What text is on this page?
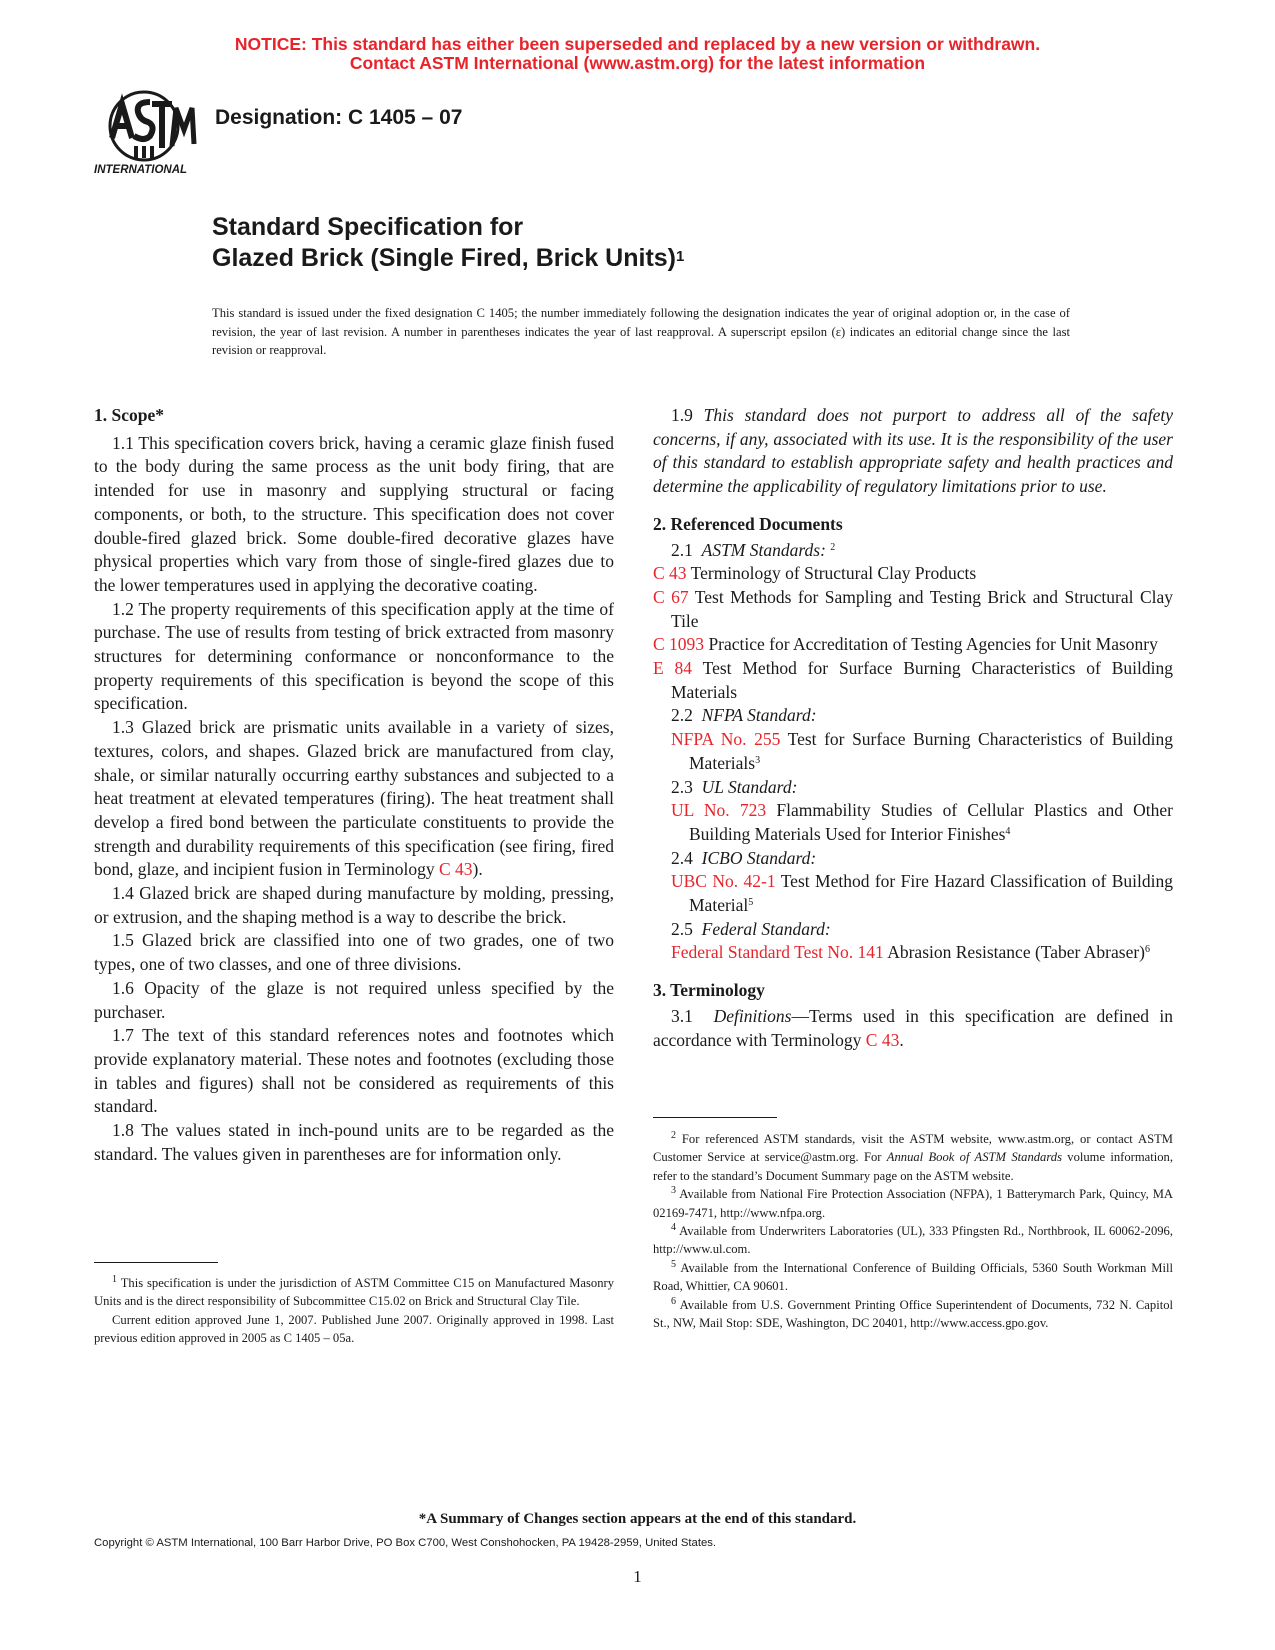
NOTICE: This standard has either been superseded and replaced by a new version or withdrawn.
Contact ASTM International (www.astm.org) for the latest information
INTERNATIONAL
Designation: C 1405 – 07
Standard Specification for
Glazed Brick (Single Fired, Brick Units)$^1$
This standard is issued under the fixed designation C 1405; the number immediately following the designation indicates the year of original adoption or, in the case of revision, the year of last revision. A number in parentheses indicates the year of last reapproval. A superscript epsilon (ε) indicates an editorial change since the last revision or reapproval.

1. Scope*

1.1 This specification covers brick, having a ceramic glaze finish fused to the body during the same process as the unit body firing, that are intended for use in masonry and supplying structural or facing components, or both, to the structure. This specification does not cover double-fired glazed brick. Some double-fired decorative glazes have physical properties which vary from those of single-fired glazes due to the lower temperatures used in applying the decorative coating.

1.2 The property requirements of this specification apply at the time of purchase. The use of results from testing of brick extracted from masonry structures for determining conformance or nonconformance to the property requirements of this specification is beyond the scope of this specification.

1.3 Glazed brick are prismatic units available in a variety of sizes, textures, colors, and shapes. Glazed brick are manufactured from clay, shale, or similar naturally occurring earthy substances and subjected to a heat treatment at elevated temperatures (firing). The heat treatment shall develop a fired bond between the particulate constituents to provide the strength and durability requirements of this specification (see firing, fired bond, glaze, and incipient fusion in Terminology C 43).

1.4 Glazed brick are shaped during manufacture by molding, pressing, or extrusion, and the shaping method is a way to describe the brick.

1.5 Glazed brick are classified into one of two grades, one of two types, one of two classes, and one of three divisions.

1.6 Opacity of the glaze is not required unless specified by the purchaser.

1.7 The text of this standard references notes and footnotes which provide explanatory material. These notes and footnotes (excluding those in tables and figures) shall not be considered as requirements of this standard.

1.8 The values stated in inch-pound units are to be regarded as the standard. The values given in parentheses are for information only.

1.9 This standard does not purport to address all of the safety concerns, if any, associated with its use. It is the responsibility of the user of this standard to establish appropriate safety and health practices and determine the applicability of regulatory limitations prior to use.

2. Referenced Documents

2.1 ASTM Standards: $^2$

C 43 Terminology of Structural Clay Products

C 67 Test Methods for Sampling and Testing Brick and Structural Clay Tile

C 1093 Practice for Accreditation of Testing Agencies for Unit Masonry

E 84 Test Method for Surface Burning Characteristics of Building Materials

2.2 NFPA Standard:

NFPA No. 255 Test for Surface Burning Characteristics of Building Materials$^3$

2.3 UL Standard:

UL No. 723 Flammability Studies of Cellular Plastics and Other Building Materials Used for Interior Finishes$^4$

2.4 ICBO Standard:

UBC No. 42-1 Test Method for Fire Hazard Classification of Building Material$^5$

2.5 Federal Standard:

Federal Standard Test No. 141 Abrasion Resistance (Taber Abraser)$^6$

3. Terminology

3.1 Definitions—Terms used in this specification are defined in accordance with Terminology C 43.

$^1$ This specification is under the jurisdiction of ASTM Committee C15 on Manufactured Masonry Units and is the direct responsibility of Subcommittee C15.02 on Brick and Structural Clay Tile.

Current edition approved June 1, 2007. Published June 2007. Originally approved in 1998. Last previous edition approved in 2005 as C 1405 – 05a.

$^2$ For referenced ASTM standards, visit the ASTM website, www.astm.org, or contact ASTM Customer Service at service@astm.org. For Annual Book of ASTM Standards volume information, refer to the standard’s Document Summary page on the ASTM website.

$^3$ Available from National Fire Protection Association (NFPA), 1 Batterymarch Park, Quincy, MA 02169-7471, http://www.nfpa.org.

$^4$ Available from Underwriters Laboratories (UL), 333 Pfingsten Rd., Northbrook, IL 60062-2096, http://www.ul.com.

$^5$ Available from the International Conference of Building Officials, 5360 South Workman Mill Road, Whittier, CA 90601.

$^6$ Available from U.S. Government Printing Office Superintendent of Documents, 732 N. Capitol St., NW, Mail Stop: SDE, Washington, DC 20401, http://www.access.gpo.gov.

*A Summary of Changes section appears at the end of this standard.
Copyright © ASTM International, 100 Barr Harbor Drive, PO Box C700, West Conshohocken, PA 19428-2959, United States.
1
